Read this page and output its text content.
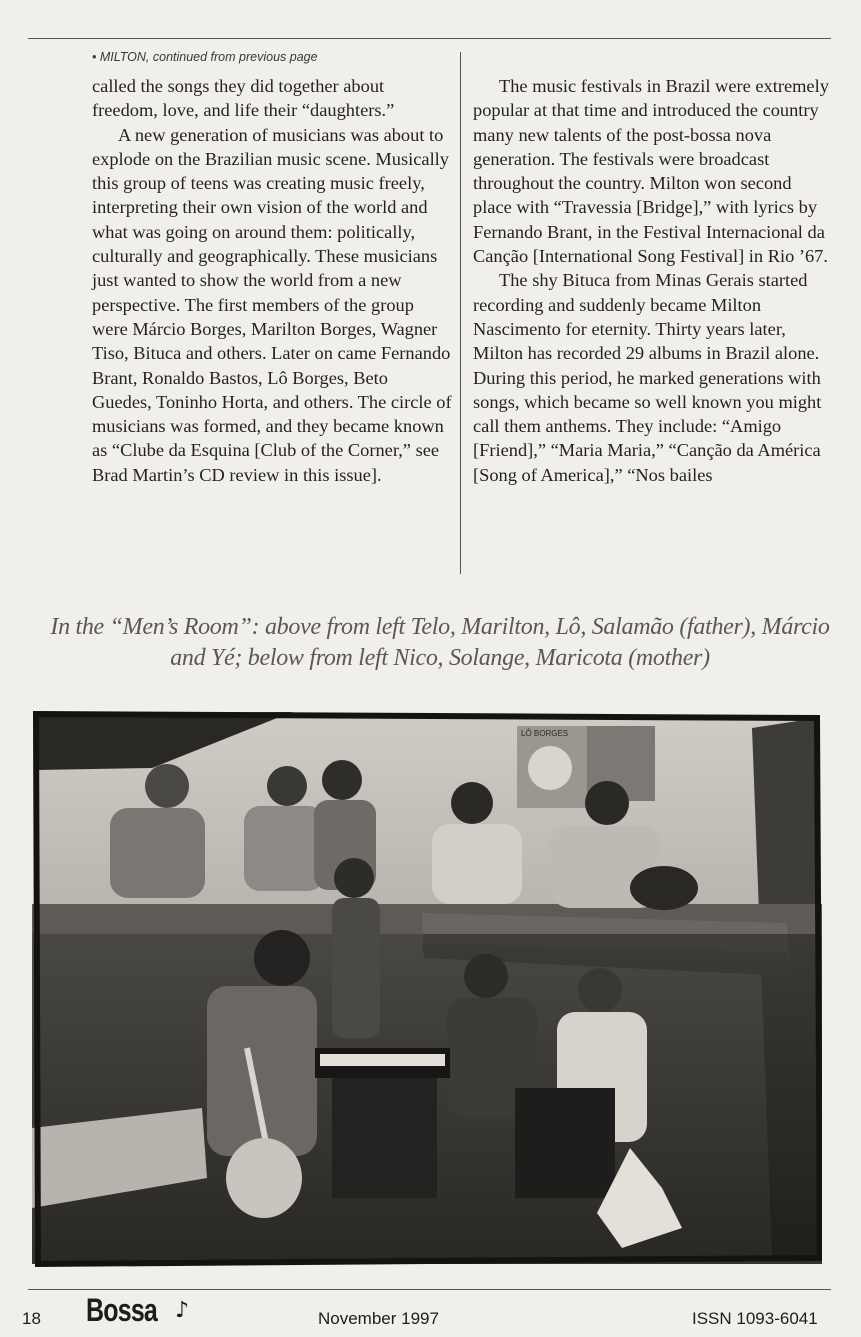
• MILTON, continued from previous page

called the songs they did together about freedom, love, and life their “daughters.”

A new generation of musicians was about to explode on the Brazilian music scene. Musically this group of teens was creating music freely, interpreting their own vision of the world and what was going on around them: politically, culturally and geographically. These musicians just wanted to show the world from a new perspective. The first members of the group were Márcio Borges, Marilton Borges, Wagner Tiso, Bituca and others. Later on came Fernando Brant, Ronaldo Bastos, Lô Borges, Beto Guedes, Toninho Horta, and others. The circle of musicians was formed, and they became known as “Clube da Esquina [Club of the Corner,” see Brad Martin’s CD review in this issue].

The music festivals in Brazil were extremely popular at that time and introduced the country many new talents of the post-bossa nova generation. The festivals were broadcast throughout the country. Milton won second place with “Travessia [Bridge],” with lyrics by Fernando Brant, in the Festival Internacional da Canção [International Song Festival] in Rio ’67.

The shy Bituca from Minas Gerais started recording and suddenly became Milton Nascimento for eternity. Thirty years later, Milton has recorded 29 albums in Brazil alone. During this period, he marked generations with songs, which became so well known you might call them anthems. They include: “Amigo [Friend],” “Maria Maria,” “Canção da América [Song of America],” “Nos bailes

In the “Men’s Room”: above from left Telo, Marilton, Lô, Salamão (father), Márcio
and Yé; below from left Nico, Solange, Maricota (mother)
LÔ BORGES
18 Bossa ♪	November 1997	ISSN 1093-6041
